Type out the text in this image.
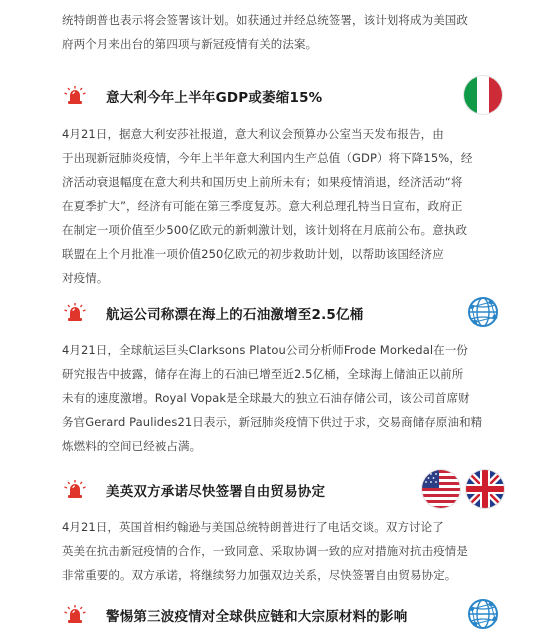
统特朗普也表示将会签署该计划。如获通过并经总统签署，该计划将成为美国政
府两个月来出台的第四项与新冠疫情有关的法案。

意大利今年上半年GDP或萎缩15%

4月21日，据意大利安莎社报道，意大利议会预算办公室当天发布报告，由
于出现新冠肺炎疫情，今年上半年意大利国内生产总值（GDP）将下降15%，经
济活动衰退幅度在意大利共和国历史上前所未有；如果疫情消退，经济活动“将
在夏季扩大”，经济有可能在第三季度复苏。意大利总理孔特当日宣布，政府正
在制定一项价值至少500亿欧元的新刺激计划，该计划将在月底前公布。意执政
联盟在上个月批准一项价值250亿欧元的初步救助计划，以帮助该国经济应
对疫情。

航运公司称漂在海上的石油激增至2.5亿桶

4月21日，全球航运巨头Clarksons Platou公司分析师Frode Morkedal在一份
研究报告中披露，储存在海上的石油已增至近2.5亿桶，全球海上储油正以前所
未有的速度激增。Royal Vopak是全球最大的独立石油存储公司，该公司首席财
务官Gerard Paulides21日表示，新冠肺炎疫情下供过于求，交易商储存原油和精
炼燃料的空间已经被占满。

美英双方承诺尽快签署自由贸易协定

4月21日，英国首相约翰逊与美国总统特朗普进行了电话交谈。双方讨论了
英美在抗击新冠疫情的合作，一致同意、采取协调一致的应对措施对抗击疫情是
非常重要的。双方承诺，将继续努力加强双边关系，尽快签署自由贸易协定。

警惕第三波疫情对全球供应链和大宗原材料的影响
